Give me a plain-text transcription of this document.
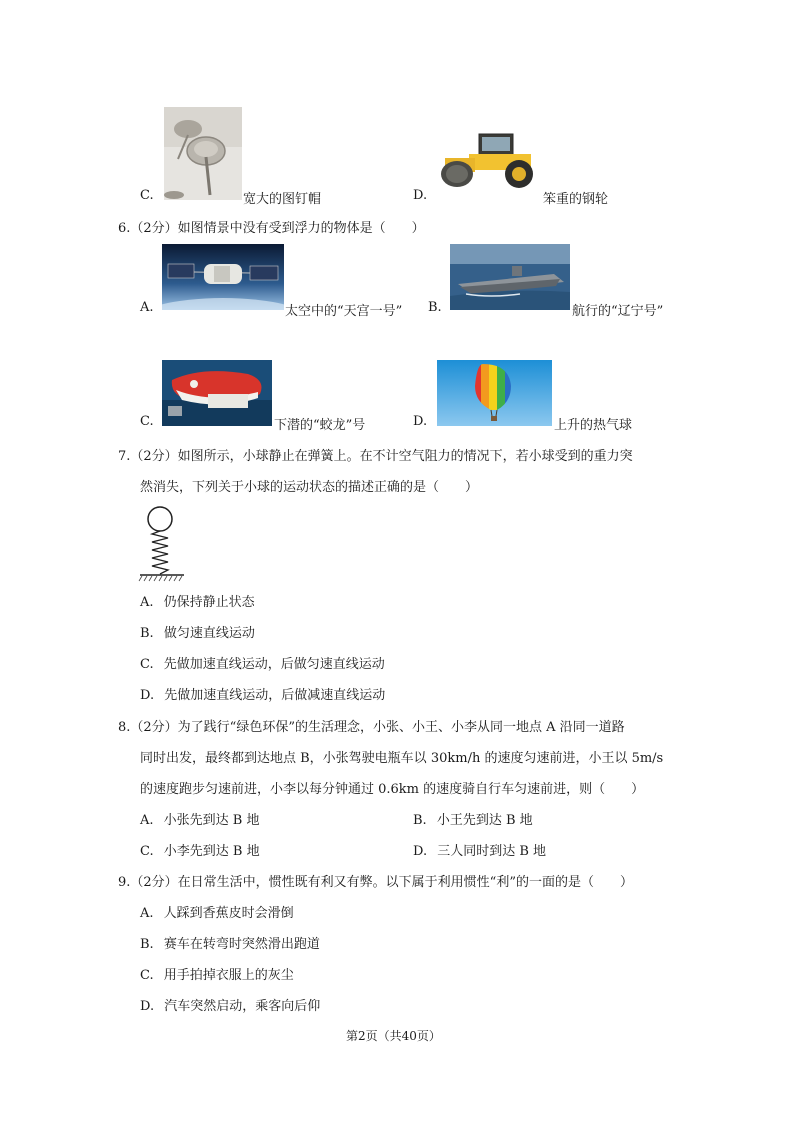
C.	宽大的图钉帽	D.	笨重的钢轮
6.（2分）如图情景中没有受到浮力的物体是（　　）
A.	太空中的“天宫一号” B.	航行的“辽宁号”
C.	下潜的“蛟龙”号	D.	上升的热气球
7.（2分）如图所示，小球静止在弹簧上。在不计空气阻力的情况下，若小球受到的重力突
然消失，下列关于小球的运动状态的描述正确的是（　　）
A. 仍保持静止状态
B. 做匀速直线运动
C. 先做加速直线运动，后做匀速直线运动
D. 先做加速直线运动，后做减速直线运动
8.（2分）为了践行“绿色环保”的生活理念，小张、小王、小李从同一地点 A 沿同一道路
同时出发，最终都到达地点 B，小张驾驶电瓶车以 30km/h 的速度匀速前进，小王以 5m/s
的速度跑步匀速前进，小李以每分钟通过 0.6km 的速度骑自行车匀速前进，则（　　）
A. 小张先到达 B 地	B. 小王先到达 B 地
C. 小李先到达 B 地	D. 三人同时到达 B 地
9.（2分）在日常生活中，惯性既有利又有弊。以下属于利用惯性“利”的一面的是（　　）
A. 人踩到香蕉皮时会滑倒
B. 赛车在转弯时突然滑出跑道
C. 用手拍掉衣服上的灰尘
D. 汽车突然启动，乘客向后仰
第2页（共40页）
